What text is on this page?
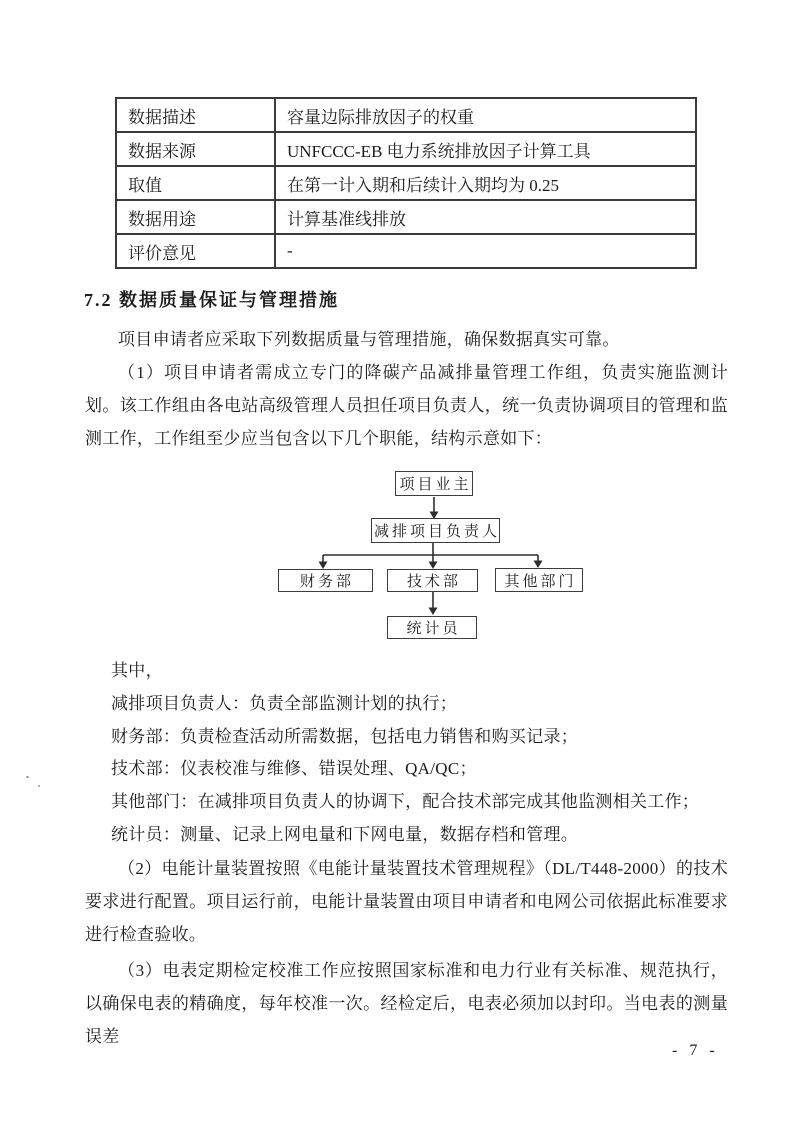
数据描述	容量边际排放因子的权重
数据来源	UNFCCC-EB 电力系统排放因子计算工具
取值	在第一计入期和后续计入期均为 0.25
数据用途	计算基准线排放
评价意见	-
7.2 数据质量保证与管理措施

项目申请者应采取下列数据质量与管理措施，确保数据真实可靠。

（1）项目申请者需成立专门的降碳产品减排量管理工作组，负责实施监测计划。该工作组由各电站高级管理人员担任项目负责人，统一负责协调项目的管理和监测工作，工作组至少应当包含以下几个职能，结构示意如下：

项目业主
减排项目负责人
财务部	技术部	其他部门
统计员
其中，
减排项目负责人：负责全部监测计划的执行；
财务部：负责检查活动所需数据，包括电力销售和购买记录；
技术部：仪表校准与维修、错误处理、QA/QC；
其他部门：在减排项目负责人的协调下，配合技术部完成其他监测相关工作；
统计员：测量、记录上网电量和下网电量，数据存档和管理。

（2）电能计量装置按照《电能计量装置技术管理规程》（DL/T448-2000）的技术要求进行配置。项目运行前，电能计量装置由项目申请者和电网公司依据此标准要求进行检查验收。

（3）电表定期检定校准工作应按照国家标准和电力行业有关标准、规范执行，以确保电表的精确度，每年校准一次。经检定后，电表必须加以封印。当电表的测量误差

- 7 -
